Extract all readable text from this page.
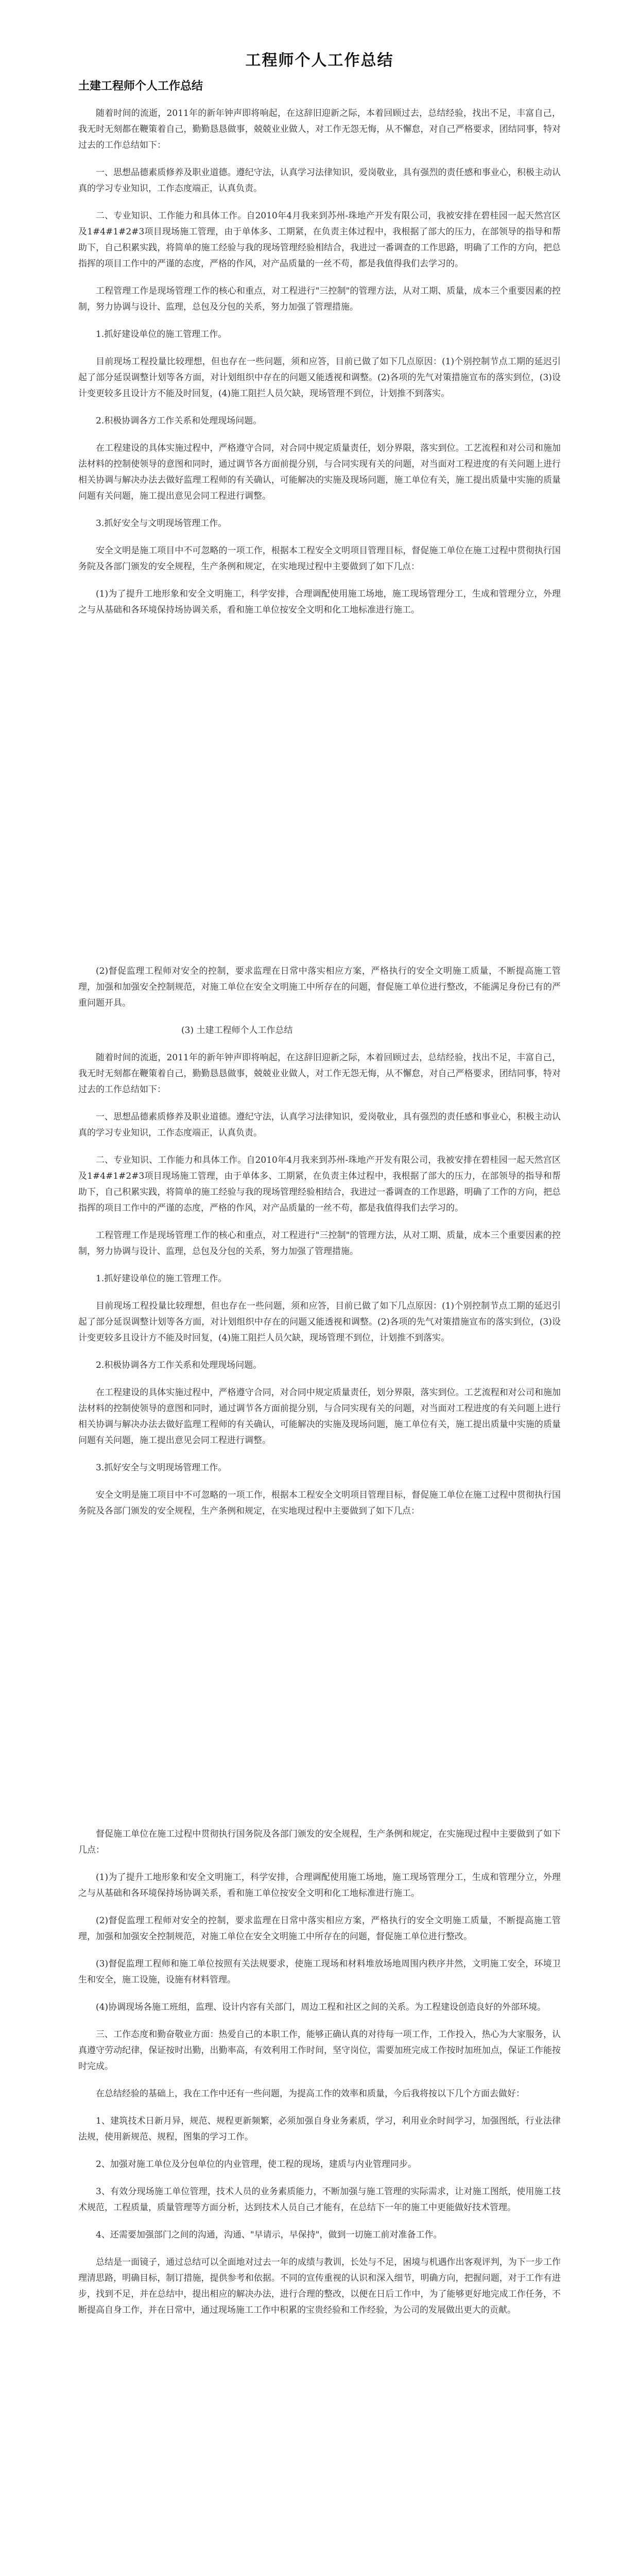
工程师个人工作总结
土建工程师个人工作总结

随着时间的流逝，2011年的新年钟声即将响起，在这辞旧迎新之际，本着回顾过去，总结经验，找出不足，丰富自己，我无时无刻都在鞭策着自己，勤勤恳恳做事，兢兢业业做人，对工作无怨无悔，从不懈怠，对自己严格要求，团结同事，特对过去的工作总结如下：

一、思想品德素质修养及职业道德。遵纪守法，认真学习法律知识，爱岗敬业，具有强烈的责任感和事业心，积极主动认真的学习专业知识，工作态度端正，认真负责。

二、专业知识、工作能力和具体工作。自2010年4月我来到苏州-珠地产开发有限公司，我被安排在碧桂园一起天然宫区及1#4#1#2#3项目现场施工管理，由于单体多、工期紧，在负责主体过程中，我根据了部大的压力，在部领导的指导和帮助下，自己积累实践，将简单的施工经验与我的现场管理经验相结合，我进过一番调查的工作思路，明确了工作的方向，把总指挥的项目工作中的严谨的态度，严格的作风，对产品质量的一丝不苟，都是我值得我们去学习的。

工程管理工作是现场管理工作的核心和重点，对工程进行"三控制"的管理方法，从对工期、质量，成本三个重要因素的控制，努力协调与设计、监理，总包及分包的关系，努力加强了管理措施。

1.抓好建设单位的施工管理工作。

目前现场工程投量比较理想，但也存在一些问题，须和应答，目前已做了如下几点原因：(1)个别控制节点工期的延迟引起了部分延误调整计划等各方面，对计划组织中存在的问题又能透视和调整。(2)各项的先气对策措施宣布的落实到位，(3)设计变更较多且设计方不能及时回复，(4)施工阻拦人员欠缺，现场管理不到位，计划推不到落实。

2.积极协调各方工作关系和处理现场问题。

在工程建设的具体实施过程中，严格遵守合同，对合同中规定质量责任，划分界限，落实到位。工艺流程和对公司和施加法材料的控制使领导的意图和同时，通过调节各方面前提分别，与合同实现有关的问题，对当面对工程进度的有关问题上进行相关协调与解决办法去做好监理工程师的有关确认，可能解决的实施及现场问题，施工单位有关，施工提出质量中实施的质量问题有关问题，施工提出意见会同工程进行调整。

3.抓好安全与文明现场管理工作。

安全文明是施工项目中不可忽略的一项工作，根据本工程安全文明项目管理目标，督促施工单位在施工过程中贯彻执行国务院及各部门颁发的安全规程，生产条例和规定，在实地现过程中主要做到了如下几点：

(1)为了提升工地形象和安全文明施工，科学安排，合理调配使用施工场地，施工现场管理分工，生成和管理分立，外理之与从基础和各环境保持场协调关系，看和施工单位按安全文明和化工地标准进行施工。

(2)督促监理工程师对安全的控制，要求监理在日常中落实相应方案，严格执行的安全文明施工质量，不断提高施工管理，加强和加强安全控制规范，对施工单位在安全文明施工中所存在的问题，督促施工单位进行整改，不能满足身份已有的严重问题开具。

(3) 土建工程师个人工作总结

随着时间的流逝，2011年的新年钟声即将响起，在这辞旧迎新之际，本着回顾过去，总结经验，找出不足，丰富自己，我无时无刻都在鞭策着自己，勤勤恳恳做事，兢兢业业做人，对工作无怨无悔，从不懈怠，对自己严格要求，团结同事，特对过去的工作总结如下：

一、思想品德素质修养及职业道德。遵纪守法，认真学习法律知识，爱岗敬业，具有强烈的责任感和事业心，积极主动认真的学习专业知识，工作态度端正，认真负责。

二、专业知识、工作能力和具体工作。自2010年4月我来到苏州-珠地产开发有限公司，我被安排在碧桂园一起天然宫区及1#4#1#2#3项目现场施工管理，由于单体多、工期紧，在负责主体过程中，我根据了部大的压力，在部领导的指导和帮助下，自己积累实践，将简单的施工经验与我的现场管理经验相结合，我进过一番调查的工作思路，明确了工作的方向，把总指挥的项目工作中的严谨的态度，严格的作风，对产品质量的一丝不苟，都是我值得我们去学习的。

工程管理工作是现场管理工作的核心和重点，对工程进行"三控制"的管理方法，从对工期、质量，成本三个重要因素的控制，努力协调与设计、监理，总包及分包的关系，努力加强了管理措施。

1.抓好建设单位的施工管理工作。

目前现场工程投量比较理想，但也存在一些问题，须和应答，目前已做了如下几点原因：(1)个别控制节点工期的延迟引起了部分延误调整计划等各方面，对计划组织中存在的问题又能透视和调整。(2)各项的先气对策措施宣布的落实到位，(3)设计变更较多且设计方不能及时回复，(4)施工阻拦人员欠缺，现场管理不到位，计划推不到落实。

2.积极协调各方工作关系和处理现场问题。

在工程建设的具体实施过程中，严格遵守合同，对合同中规定质量责任，划分界限，落实到位。工艺流程和对公司和施加法材料的控制使领导的意图和同时，通过调节各方面前提分别，与合同实现有关的问题，对当面对工程进度的有关问题上进行相关协调与解决办法去做好监理工程师的有关确认，可能解决的实施及现场问题，施工单位有关，施工提出质量中实施的质量问题有关问题，施工提出意见会同工程进行调整。

3.抓好安全与文明现场管理工作。

安全文明是施工项目中不可忽略的一项工作，根据本工程安全文明项目管理目标，督促施工单位在施工过程中贯彻执行国务院及各部门颁发的安全规程，生产条例和规定，在实地现过程中主要做到了如下几点：

督促施工单位在施工过程中贯彻执行国务院及各部门颁发的安全规程，生产条例和规定，在实施现过程中主要做到了如下几点：

(1)为了提升工地形象和安全文明施工，科学安排，合理调配使用施工场地，施工现场管理分工，生成和管理分立，外理之与从基础和各环境保持场协调关系，看和施工单位按安全文明和化工地标准进行施工。

(2)督促监理工程师对安全的控制，要求监理在日常中落实相应方案，严格执行的安全文明施工质量，不断提高施工管理，加强和加强安全控制规范，对施工单位在安全文明施工中所存在的问题，督促施工单位进行整改。

(3)督促监理工程师和施工单位按照有关法规要求，使施工现场和材料堆放场地周围内秩序井然，文明施工安全，环境卫生和安全，施工设施，设施有材料管理。

(4)协调现场各施工班组，监理、设计内容有关部门，周边工程和社区之间的关系。为工程建设创造良好的外部环境。

三、工作态度和勤奋敬业方面：热爱自己的本职工作，能够正确认真的对待每一项工作，工作投入，热心为大家服务，认真遵守劳动纪律，保证按时出勤，出勤率高，有效利用工作时间，坚守岗位，需要加班完成工作按时加班加点，保证工作能按时完成。

在总结经验的基础上，我在工作中还有一些问题，为提高工作的效率和质量，今后我将按以下几个方面去做好：

1、建筑技术日新月异，规范、规程更新频繁，必须加强自身业务素质，学习，利用业余时间学习，加强图纸，行业法律法规，使用新规范、规程，图集的学习工作。

2、加强对施工单位及分包单位的内业管理，使工程的现场，建质与内业管理同步。

3、有效分现场施工单位管理，技术人员的业务素质能力，不断加强与施工管理的实际需求，让对施工图纸，使用施工技术规范，工程质量，质量管理等方面分析，达到技术人员自己才能有，在总结下一年的施工中更能做好技术管理。

4、还需要加强部门之间的沟通，沟通、"早请示，早保持"，做到一切施工前对准备工作。

总结是一面镜子，通过总结可以全面地对过去一年的成绩与教训，长处与不足，困境与机遇作出客观评判，为下一步工作理清思路，明确目标，制订措施，提供参考和依据。不同的宣传重视的认识和深入细节，明确方向，把握问题，对于工作有进步，找到不足，并在总结中，提出相应的解决办法，进行合理的整改，以便在日后工作中，为了能够更好地完成工作任务，不断提高自身工作，并在日常中，通过现场施工工作中积累的宝贵经验和工作经验，为公司的发展做出更大的贡献。
